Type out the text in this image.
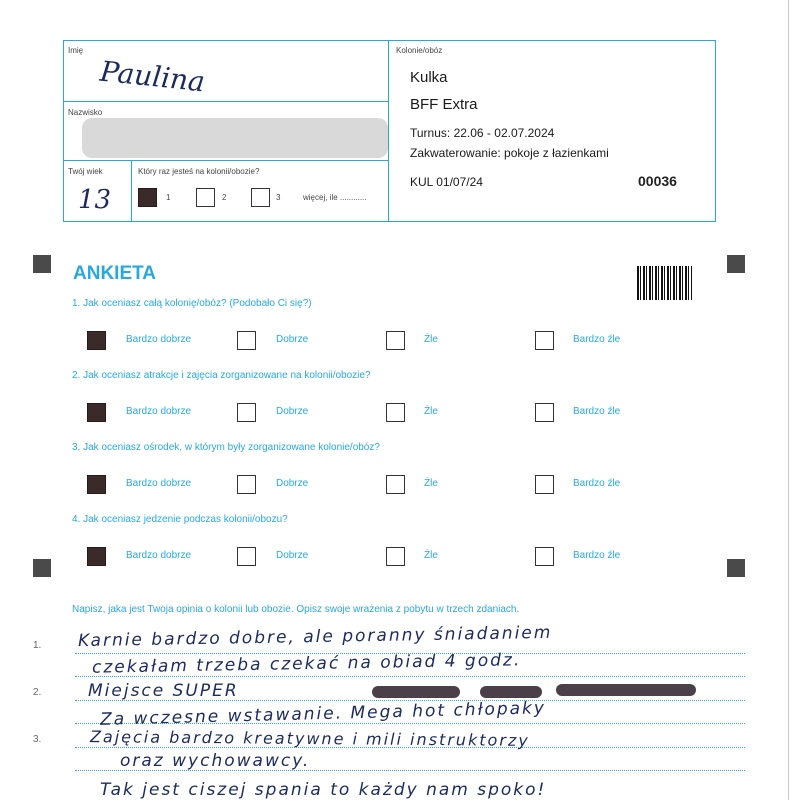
Imię
Paulina
Nazwisko
Twój wiek
13
Który raz jesteś na kolonii/obozie?
1	2	3	więcej, ile ............
Kolonie/obóz
Kulka
BFF Extra
Turnus: 22.06 - 02.07.2024
Zakwaterowanie: pokoje z łazienkami
KUL 01/07/24	00036
ANKIETA
1. Jak oceniasz całą kolonię/obóz? (Podobało Ci się?)
Bardzo dobrze	Dobrze	Źle	Bardzo źle
2. Jak oceniasz atrakcje i zajęcia zorganizowane na kolonii/obozie?
Bardzo dobrze	Dobrze	Źle	Bardzo źle
3. Jak oceniasz ośrodek, w którym były zorganizowane kolonie/obóz?
Bardzo dobrze	Dobrze	Źle	Bardzo źle
4. Jak oceniasz jedzenie podczas kolonii/obozu?
Bardzo dobrze	Dobrze	Źle	Bardzo źle
Napisz, jaka jest Twoja opinia o kolonii lub obozie. Opisz swoje wrażenia z pobytu w trzech zdaniach.
1.
2.
3.
Karnie bardzo dobre, ale poranny śniadaniem
czekałam trzeba czekać na obiad 4 godz.
Miejsce SUPER
Za wczesne wstawanie. Mega hot chłopaky
Zajęcia bardzo kreatywne i mili instruktorzy
oraz wychowawcy.
Tak jest ciszej spania to każdy nam spoko!
